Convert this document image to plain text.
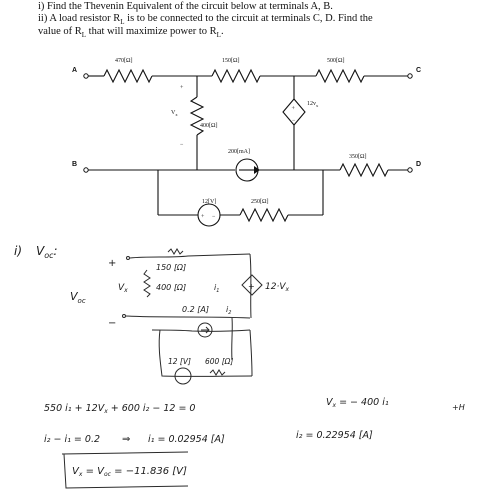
i) Find the Thevenin Equivalent of the circuit below at terminals A, B.
ii) A load resistor $R_L$ is to be connected to the circuit at terminals C, D. Find the
value of $R_L$ that will maximize power to $R_L$.
A
B
C
D
470[Ω]	150[Ω]	500[Ω]
400[Ω]
350[Ω]
250[Ω]
+
$V_x$
−
+
−
$12v_x$
200[mA]
12[V]
+ −
i) $V_{oc}$:
+
−
150 [Ω]
$V_x$	400 [Ω]	$i_1$	$12\cdot V_x$
+
0.2 [A] $i_2$
12 [V] 600 [Ω]
$V_{oc}$
550 $i_1 + 12V_x + 600$ i₂ − 12 = 0
$V_x$ = − 400 i₁	+H
i₂ − i₁ = 0.2 ⇒ i₁ = 0.02954 [A]	i₂ = 0.22954 [A]
$V_x = V_{oc} = -11.836$ [V]
